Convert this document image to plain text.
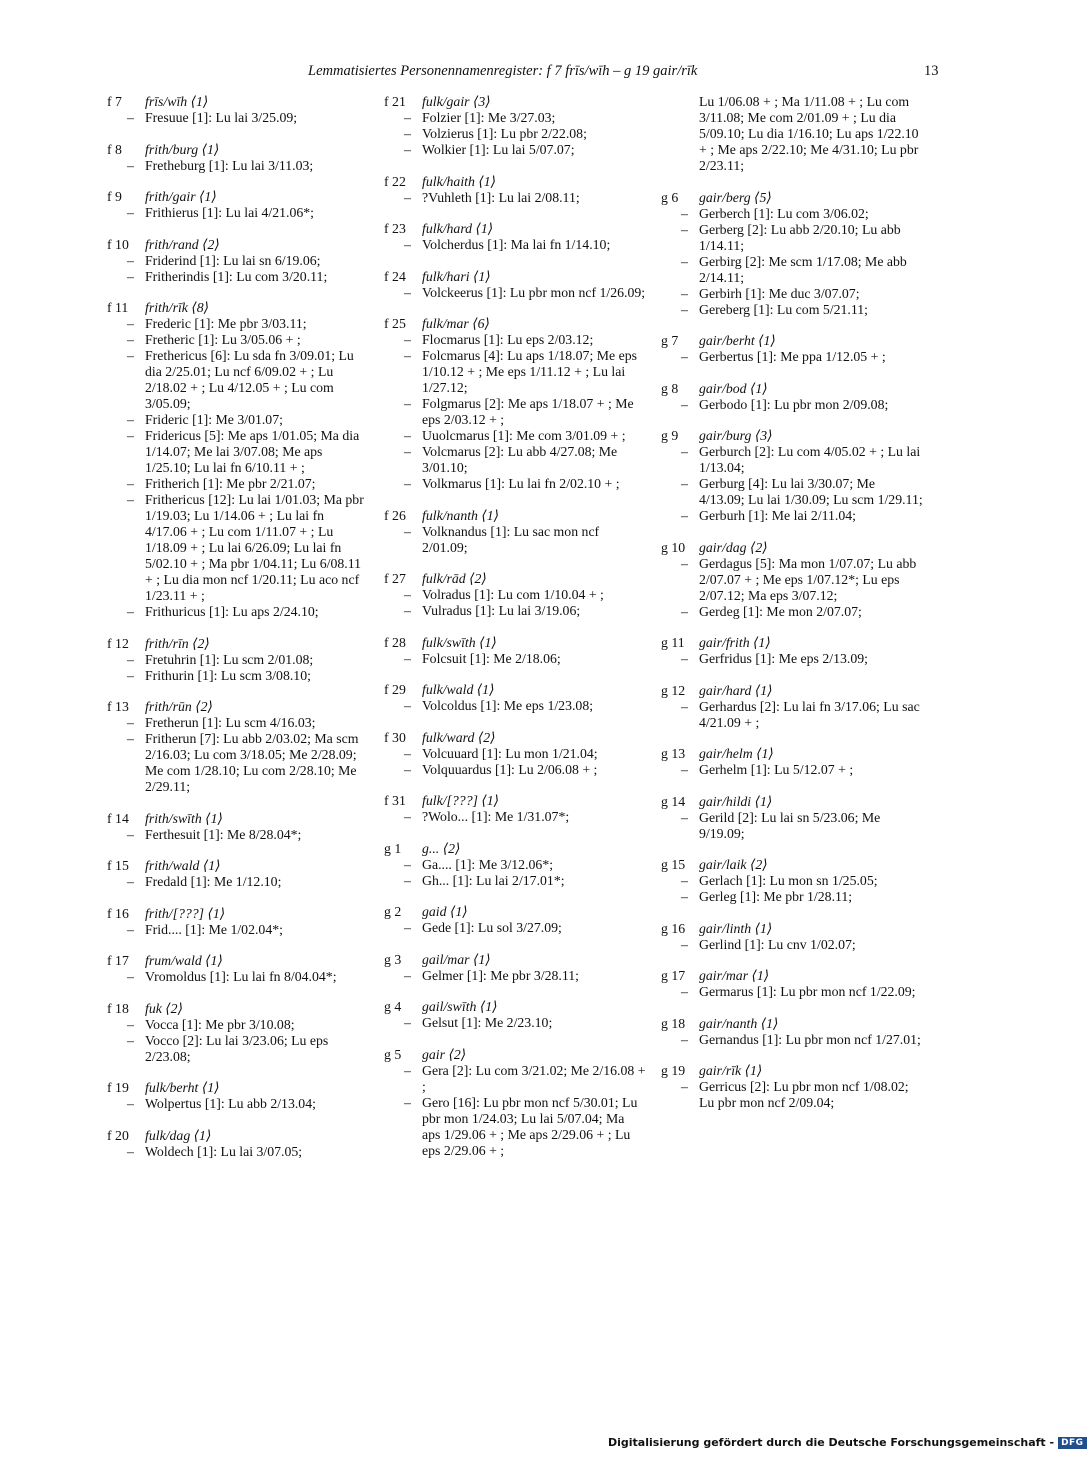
Lemmatisiertes Personennamenregister: f 7 frīs/wīh – g 19 gair/rīk	13
f 7	frīs/wīh ⟨1⟩
– Fresuue [1]: Lu lai 3/25.09;
f 8	frith/burg ⟨1⟩
– Fretheburg [1]: Lu lai 3/11.03;
f 9	frith/gair ⟨1⟩
– Frithierus [1]: Lu lai 4/21.06*;
f 10	frith/rand ⟨2⟩
– Friderind [1]: Lu lai sn 6/19.06;
– Fritherindis [1]: Lu com 3/20.11;
f 11	frith/rīk ⟨8⟩
– Frederic [1]: Me pbr 3/03.11;
– Fretheric [1]: Lu 3/05.06 + ;
– Frethericus [6]: Lu sda fn 3/09.01; Lu dia 2/25.01; Lu ncf 6/09.02 + ; Lu 2/18.02 + ; Lu 4/12.05 + ; Lu com 3/05.09;
– Frideric [1]: Me 3/01.07;
– Fridericus [5]: Me aps 1/01.05; Ma dia 1/14.07; Me lai 3/07.08; Me aps 1/25.10; Lu lai fn 6/10.11 + ;
– Fritherich [1]: Me pbr 2/21.07;
– Frithericus [12]: Lu lai 1/01.03; Ma pbr 1/19.03; Lu 1/14.06 + ; Lu lai fn 4/17.06 + ; Lu com 1/11.07 + ; Lu 1/18.09 + ; Lu lai 6/26.09; Lu lai fn 5/02.10 + ; Ma pbr 1/04.11; Lu 6/08.11 + ; Lu dia mon ncf 1/20.11; Lu aco ncf 1/23.11 + ;
– Frithuricus [1]: Lu aps 2/24.10;
f 12	frith/rīn ⟨2⟩
– Fretuhrin [1]: Lu scm 2/01.08;
– Frithurin [1]: Lu scm 3/08.10;
f 13	frith/rūn ⟨2⟩
– Fretherun [1]: Lu scm 4/16.03;
– Fritherun [7]: Lu abb 2/03.02; Ma scm 2/16.03; Lu com 3/18.05; Me 2/28.09; Me com 1/28.10; Lu com 2/28.10; Me 2/29.11;
f 14	frith/swīth ⟨1⟩
– Ferthesuit [1]: Me 8/28.04*;
f 15	frith/wald ⟨1⟩
– Fredald [1]: Me 1/12.10;
f 16	frith/[???] ⟨1⟩
– Frid.... [1]: Me 1/02.04*;
f 17	frum/wald ⟨1⟩
– Vromoldus [1]: Lu lai fn 8/04.04*;
f 18	fuk ⟨2⟩
– Vocca [1]: Me pbr 3/10.08;
– Vocco [2]: Lu lai 3/23.06; Lu eps 2/23.08;
f 19	fulk/berht ⟨1⟩
– Wolpertus [1]: Lu abb 2/13.04;
f 20	fulk/dag ⟨1⟩
– Woldech [1]: Lu lai 3/07.05;
f 21	fulk/gair ⟨3⟩
– Folzier [1]: Me 3/27.03;
– Volzierus [1]: Lu pbr 2/22.08;
– Wolkier [1]: Lu lai 5/07.07;
f 22	fulk/haith ⟨1⟩
– ?Vuhleth [1]: Lu lai 2/08.11;
f 23	fulk/hard ⟨1⟩
– Volcherdus [1]: Ma lai fn 1/14.10;
f 24	fulk/hari ⟨1⟩
– Volckeerus [1]: Lu pbr mon ncf 1/26.09;
f 25	fulk/mar ⟨6⟩
– Flocmarus [1]: Lu eps 2/03.12;
– Folcmarus [4]: Lu aps 1/18.07; Me eps 1/10.12 + ; Me eps 1/11.12 + ; Lu lai 1/27.12;
– Folgmarus [2]: Me aps 1/18.07 + ; Me eps 2/03.12 + ;
– Uuolcmarus [1]: Me com 3/01.09 + ;
– Volcmarus [2]: Lu abb 4/27.08; Me 3/01.10;
– Volkmarus [1]: Lu lai fn 2/02.10 + ;
f 26	fulk/nanth ⟨1⟩
– Volknandus [1]: Lu sac mon ncf 2/01.09;
f 27	fulk/rād ⟨2⟩
– Volradus [1]: Lu com 1/10.04 + ;
– Vulradus [1]: Lu lai 3/19.06;
f 28	fulk/swīth ⟨1⟩
– Folcsuit [1]: Me 2/18.06;
f 29	fulk/wald ⟨1⟩
– Volcoldus [1]: Me eps 1/23.08;
f 30	fulk/ward ⟨2⟩
– Volcuuard [1]: Lu mon 1/21.04;
– Volquuardus [1]: Lu 2/06.08 + ;
f 31	fulk/[???] ⟨1⟩
– ?Wolo... [1]: Me 1/31.07*;
g 1	g... ⟨2⟩
– Ga.... [1]: Me 3/12.06*;
– Gh... [1]: Lu lai 2/17.01*;
g 2	gaid ⟨1⟩
– Gede [1]: Lu sol 3/27.09;
g 3	gail/mar ⟨1⟩
– Gelmer [1]: Me pbr 3/28.11;
g 4	gail/swīth ⟨1⟩
– Gelsut [1]: Me 2/23.10;
g 5	gair ⟨2⟩
– Gera [2]: Lu com 3/21.02; Me 2/16.08 + ;
– Gero [16]: Lu pbr mon ncf 5/30.01; Lu pbr mon 1/24.03; Lu lai 5/07.04; Ma aps 1/29.06 + ; Me aps 2/29.06 + ; Lu eps 2/29.06 + ;
Lu 1/06.08 + ; Ma 1/11.08 + ; Lu com 3/11.08; Me com 2/01.09 + ; Lu dia 5/09.10; Lu dia 1/16.10; Lu aps 1/22.10 + ; Me aps 2/22.10; Me 4/31.10; Lu pbr 2/23.11;
g 6	gair/berg ⟨5⟩
– Gerberch [1]: Lu com 3/06.02;
– Gerberg [2]: Lu abb 2/20.10; Lu abb 1/14.11;
– Gerbirg [2]: Me scm 1/17.08; Me abb 2/14.11;
– Gerbirh [1]: Me duc 3/07.07;
– Gereberg [1]: Lu com 5/21.11;
g 7	gair/berht ⟨1⟩
– Gerbertus [1]: Me ppa 1/12.05 + ;
g 8	gair/bod ⟨1⟩
– Gerbodo [1]: Lu pbr mon 2/09.08;
g 9	gair/burg ⟨3⟩
– Gerburch [2]: Lu com 4/05.02 + ; Lu lai 1/13.04;
– Gerburg [4]: Lu lai 3/30.07; Me 4/13.09; Lu lai 1/30.09; Lu scm 1/29.11;
– Gerburh [1]: Me lai 2/11.04;
g 10	gair/dag ⟨2⟩
– Gerdagus [5]: Ma mon 1/07.07; Lu abb 2/07.07 + ; Me eps 1/07.12*; Lu eps 2/07.12; Ma eps 3/07.12;
– Gerdeg [1]: Me mon 2/07.07;
g 11	gair/frith ⟨1⟩
– Gerfridus [1]: Me eps 2/13.09;
g 12	gair/hard ⟨1⟩
– Gerhardus [2]: Lu lai fn 3/17.06; Lu sac 4/21.09 + ;
g 13	gair/helm ⟨1⟩
– Gerhelm [1]: Lu 5/12.07 + ;
g 14	gair/hildi ⟨1⟩
– Gerild [2]: Lu lai sn 5/23.06; Me 9/19.09;
g 15	gair/laik ⟨2⟩
– Gerlach [1]: Lu mon sn 1/25.05;
– Gerleg [1]: Me pbr 1/28.11;
g 16	gair/linth ⟨1⟩
– Gerlind [1]: Lu cnv 1/02.07;
g 17	gair/mar ⟨1⟩
– Germarus [1]: Lu pbr mon ncf 1/22.09;
g 18	gair/nanth ⟨1⟩
– Gernandus [1]: Lu pbr mon ncf 1/27.01;
g 19	gair/rīk ⟨1⟩
– Gerricus [2]: Lu pbr mon ncf 1/08.02; Lu pbr mon ncf 2/09.04;
Digitalisierung gefördert durch die Deutsche Forschungsgemeinschaft - DFG
